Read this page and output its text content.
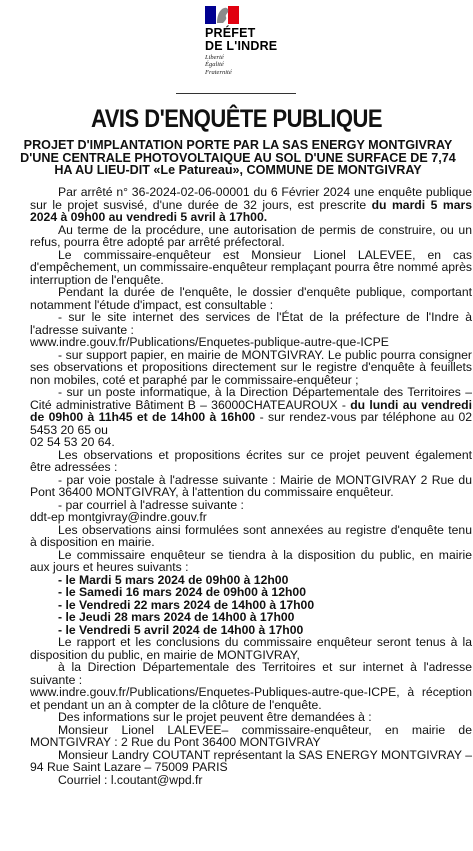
PRÉFET
DE L'INDRE
Liberté
Égalité
Fraternité
AVIS D'ENQUÊTE PUBLIQUE
PROJET D'IMPLANTATION PORTE PAR LA SAS ENERGY MONTGIVRAY D'UNE CENTRALE PHOTOVOLTAIQUE AU SOL D'UNE SURFACE DE 7,74 HA AU LIEU-DIT «Le Patureau», COMMUNE DE MONTGIVRAY

Par arrêté n° 36-2024-02-06-00001 du 6 Février 2024 une enquête publique sur le projet susvisé, d'une durée de 32 jours, est prescrite du mardi 5 mars 2024 à 09h00 au vendredi 5 avril à 17h00.

Au terme de la procédure, une autorisation de permis de construire, ou un refus, pourra être adopté par arrêté préfectoral.

Le commissaire-enquêteur est Monsieur Lionel LALEVEE, en cas d'empêchement, un commissaire-enquêteur remplaçant pourra être nommé après interruption de l'enquête.

Pendant la durée de l'enquête, le dossier d'enquête publique, comportant notamment l'étude d'impact, est consultable :

- sur le site internet des services de l'État de la préfecture de l'Indre à l'adresse suivante :

www.indre.gouv.fr/Publications/Enquetes-publique-autre-que-ICPE

- sur support papier, en mairie de MONTGIVRAY. Le public pourra consigner ses observations et propositions directement sur le registre d'enquête à feuillets non mobiles, coté et paraphé par le commissaire-enquêteur ;

- sur un poste informatique, à la Direction Départementale des Territoires – Cité administrative Bâtiment B – 36000CHATEAUROUX - du lundi au vendredi de 09h00 à 11h45 et de 14h00 à 16h00 - sur rendez-vous par téléphone au 02 5453 20 65 ou

02 54 53 20 64.

Les observations et propositions écrites sur ce projet peuvent également être adressées :

- par voie postale à l'adresse suivante : Mairie de MONTGIVRAY 2 Rue du Pont 36400 MONTGIVRAY, à l'attention du commissaire enquêteur.

- par courriel à l'adresse suivante :

ddt-ep montgivray@indre.gouv.fr

Les observations ainsi formulées sont annexées au registre d'enquête tenu à disposition en mairie.

Le commissaire enquêteur se tiendra à la disposition du public, en mairie aux jours et heures suivants :

- le Mardi 5 mars 2024 de 09h00 à 12h00

- le Samedi 16 mars 2024 de 09h00 à 12h00

- le Vendredi 22 mars 2024 de 14h00 à 17h00

- le Jeudi 28 mars 2024 de 14h00 à 17h00

- le Vendredi 5 avril 2024 de 14h00 à 17h00

Le rapport et les conclusions du commissaire enquêteur seront tenus à la disposition du public, en mairie de MONTGIVRAY,

à la Direction Départementale des Territoires et sur internet à l'adresse suivante :

www.indre.gouv.fr/Publications/Enquetes-Publiques-autre-que-ICPE, à réception et pendant un an à compter de la clôture de l'enquête.

Des informations sur le projet peuvent être demandées à :

Monsieur Lionel LALEVEE– commissaire-enquêteur, en mairie de MONTGIVRAY : 2 Rue du Pont 36400 MONTGIVRAY

Monsieur Landry COUTANT représentant la SAS ENERGY MONTGIVRAY – 94 Rue Saint Lazare – 75009 PARIS

Courriel : l.coutant@wpd.fr
